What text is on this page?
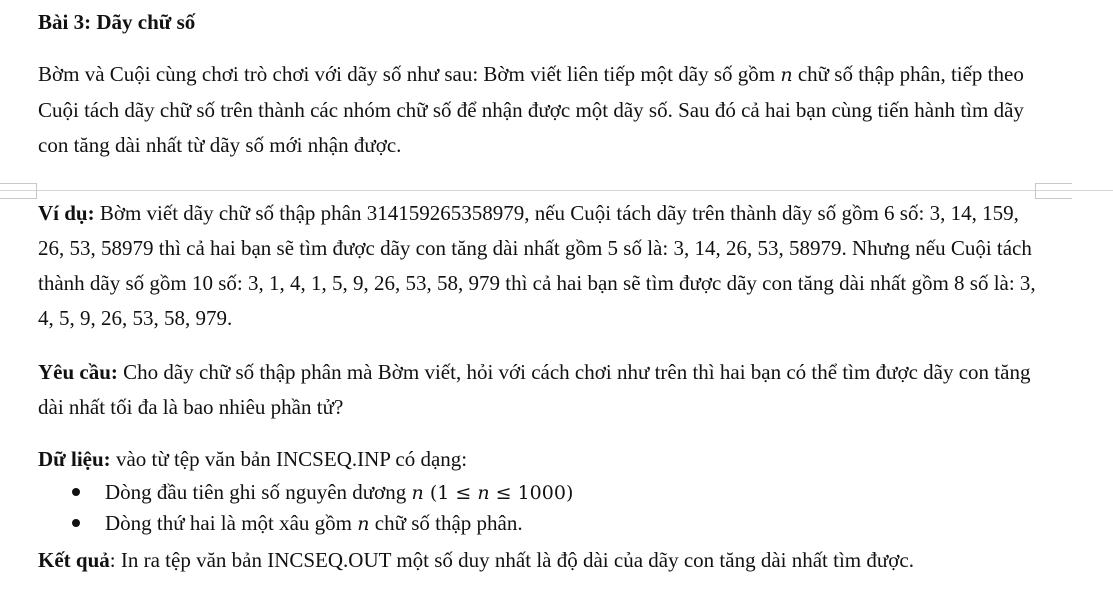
Bài 3: Dãy chữ số

Bờm và Cuội cùng chơi trò chơi với dãy số như sau: Bờm viết liên tiếp một dãy số gồm n chữ số thập phân, tiếp theo Cuội tách dãy chữ số trên thành các nhóm chữ số để nhận được một dãy số. Sau đó cả hai bạn cùng tiến hành tìm dãy con tăng dài nhất từ dãy số mới nhận được.

Ví dụ: Bờm viết dãy chữ số thập phân 314159265358979, nếu Cuội tách dãy trên thành dãy số gồm 6 số: 3, 14, 159, 26, 53, 58979 thì cả hai bạn sẽ tìm được dãy con tăng dài nhất gồm 5 số là: 3, 14, 26, 53, 58979. Nhưng nếu Cuội tách thành dãy số gồm 10 số: 3, 1, 4, 1, 5, 9, 26, 53, 58, 979 thì cả hai bạn sẽ tìm được dãy con tăng dài nhất gồm 8 số là: 3, 4, 5, 9, 26, 53, 58, 979.

Yêu cầu: Cho dãy chữ số thập phân mà Bờm viết, hỏi với cách chơi như trên thì hai bạn có thể tìm được dãy con tăng dài nhất tối đa là bao nhiêu phần tử?

Dữ liệu: vào từ tệp văn bản INCSEQ.INP có dạng:

Dòng đầu tiên ghi số nguyên dương n (1 ≤ n ≤ 1000)
Dòng thứ hai là một xâu gồm n chữ số thập phân.

Kết quả: In ra tệp văn bản INCSEQ.OUT một số duy nhất là độ dài của dãy con tăng dài nhất tìm được.
